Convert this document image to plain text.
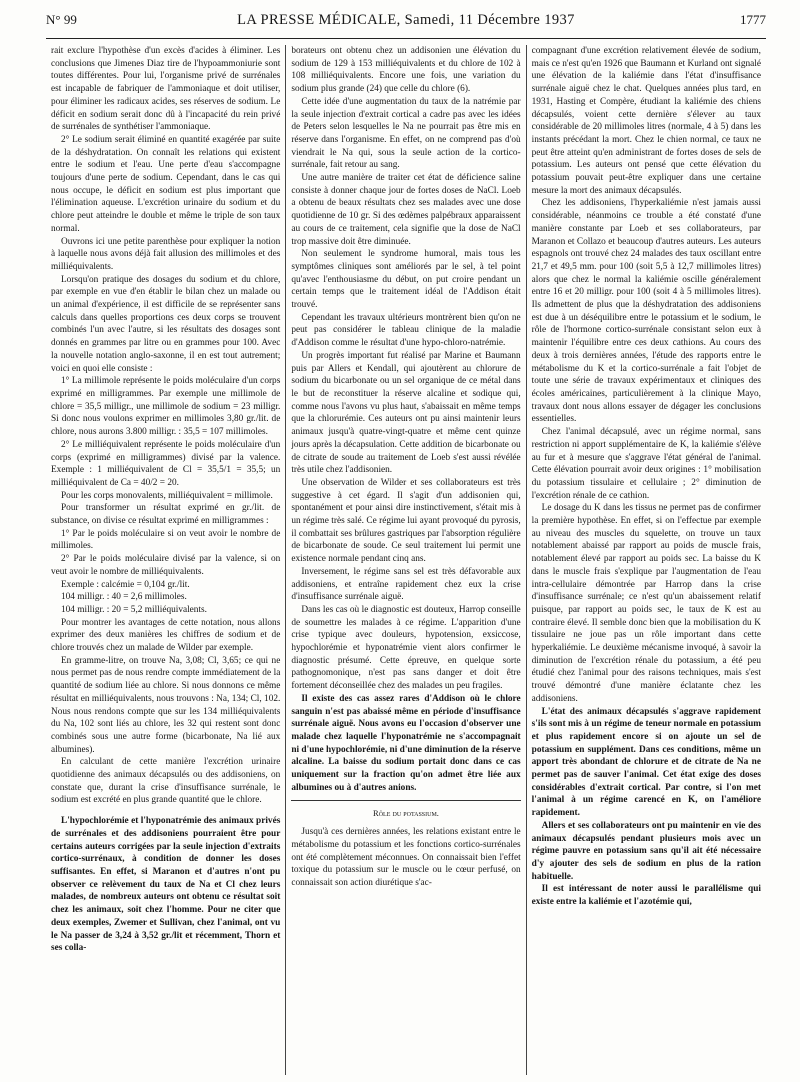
N° 99	LA PRESSE MÉDICALE, Samedi, 11 Décembre 1937	1777

rait exclure l'hypothèse d'un excès d'acides à éliminer. Les conclusions que Jimenes Diaz tire de l'hypoammoniurie sont toutes différentes. Pour lui, l'organisme privé de surrénales est incapable de fabriquer de l'ammoniaque et doit utiliser, pour éliminer les radicaux acides, ses réserves de sodium. Le déficit en sodium serait donc dû à l'incapacité du rein privé de surrénales de synthétiser l'ammoniaque.

2° Le sodium serait éliminé en quantité exagérée par suite de la déshydratation. On connaît les relations qui existent entre le sodium et l'eau. Une perte d'eau s'accompagne toujours d'une perte de sodium. Cependant, dans le cas qui nous occupe, le déficit en sodium est plus important que l'élimination aqueuse. L'excrétion urinaire du sodium et du chlore peut atteindre le double et même le triple de son taux normal.

Ouvrons ici une petite parenthèse pour expliquer la notion à laquelle nous avons déjà fait allusion des millimoles et des milliéquivalents.

Lorsqu'on pratique des dosages du sodium et du chlore, par exemple en vue d'en établir le bilan chez un malade ou un animal d'expérience, il est difficile de se représenter sans calculs dans quelles proportions ces deux corps se trouvent combinés l'un avec l'autre, si les résultats des dosages sont donnés en grammes par litre ou en grammes pour 100. Avec la nouvelle notation anglo-saxonne, il en est tout autrement; voici en quoi elle consiste :

1° La millimole représente le poids moléculaire d'un corps exprimé en milligrammes. Par exemple une millimole de chlore = 35,5 milligr., une millimole de sodium = 23 milligr. Si donc nous voulons exprimer en millimoles 3,80 gr./lit. de chlore, nous aurons 3.800 milligr. : 35,5 = 107 millimoles.

2° Le milliéquivalent représente le poids moléculaire d'un corps (exprimé en milligrammes) divisé par la valence. Exemple : 1 milliéquivalent de Cl = 35,5/1 = 35,5; un milliéquivalent de Ca = 40/2 = 20.

Pour les corps monovalents, milliéquivalent = millimole.

Pour transformer un résultat exprimé en gr./lit. de substance, on divise ce résultat exprimé en milligrammes :

1° Par le poids moléculaire si on veut avoir le nombre de millimoles.

2° Par le poids moléculaire divisé par la valence, si on veut avoir le nombre de milliéquivalents.

Exemple : calcémie = 0,104 gr./lit.

104 milligr. : 40 = 2,6 millimoles.

104 milligr. : 20 = 5,2 milliéquivalents.

Pour montrer les avantages de cette notation, nous allons exprimer des deux manières les chiffres de sodium et de chlore trouvés chez un malade de Wilder par exemple.

En gramme-litre, on trouve Na, 3,08; Cl, 3,65; ce qui ne nous permet pas de nous rendre compte immédiatement de la quantité de sodium liée au chlore. Si nous donnons ce même résultat en milliéquivalents, nous trouvons : Na, 134; Cl, 102. Nous nous rendons compte que sur les 134 milliéquivalents du Na, 102 sont liés au chlore, les 32 qui restent sont donc combinés sous une autre forme (bicarbonate, Na lié aux albumines).

En calculant de cette manière l'excrétion urinaire quotidienne des animaux décapsulés ou des addisoniens, on constate que, durant la crise d'insuffisance surrénale, le sodium est excrété en plus grande quantité que le chlore.

L'hypochlorémie et l'hyponatrémie des animaux privés de surrénales et des addisoniens pourraient être pour certains auteurs corrigées par la seule injection d'extraits cortico-surrénaux, à condition de donner les doses suffisantes. En effet, si Maranon et d'autres n'ont pu observer ce relèvement du taux de Na et Cl chez leurs malades, de nombreux auteurs ont obtenu ce résultat soit chez les animaux, soit chez l'homme. Pour ne citer que deux exemples, Zwemer et Sullivan, chez l'animal, ont vu le Na passer de 3,24 à 3,52 gr./lit et récemment, Thorn et ses colla-

borateurs ont obtenu chez un addisonien une élévation du sodium de 129 à 153 milliéquivalents et du chlore de 102 à 108 milliéquivalents. Encore une fois, une variation du sodium plus grande (24) que celle du chlore (6).

Cette idée d'une augmentation du taux de la natrémie par la seule injection d'extrait cortical a cadre pas avec les idées de Peters selon lesquelles le Na ne pourrait pas être mis en réserve dans l'organisme. En effet, on ne comprend pas d'où viendrait le Na qui, sous la seule action de la cortico-surrénale, fait retour au sang.

Une autre manière de traiter cet état de déficience saline consiste à donner chaque jour de fortes doses de NaCl. Loeb a obtenu de beaux résultats chez ses malades avec une dose quotidienne de 10 gr. Si des œdèmes palpébraux apparaissent au cours de ce traitement, cela signifie que la dose de NaCl trop massive doit être diminuée.

Non seulement le syndrome humoral, mais tous les symptômes cliniques sont améliorés par le sel, à tel point qu'avec l'enthousiasme du début, on put croire pendant un certain temps que le traitement idéal de l'Addison était trouvé.

Cependant les travaux ultérieurs montrèrent bien qu'on ne peut pas considérer le tableau clinique de la maladie d'Addison comme le résultat d'une hypo-chloro-natrémie.

Un progrès important fut réalisé par Marine et Baumann puis par Allers et Kendall, qui ajoutèrent au chlorure de sodium du bicarbonate ou un sel organique de ce métal dans le but de reconstituer la réserve alcaline et sodique qui, comme nous l'avons vu plus haut, s'abaissait en même temps que la chlorurémie. Ces auteurs ont pu ainsi maintenir leurs animaux jusqu'à quatre-vingt-quatre et même cent quinze jours après la décapsulation. Cette addition de bicarbonate ou de citrate de soude au traitement de Loeb s'est aussi révélée très utile chez l'addisonien.

Une observation de Wilder et ses collaborateurs est très suggestive à cet égard. Il s'agit d'un addisonien qui, spontanément et pour ainsi dire instinctivement, s'était mis à un régime très salé. Ce régime lui ayant provoqué du pyrosis, il combattait ses brûlures gastriques par l'absorption régulière de bicarbonate de soude. Ce seul traitement lui permit une existence normale pendant cinq ans.

Inversement, le régime sans sel est très défavorable aux addisoniens, et entraîne rapidement chez eux la crise d'insuffisance surrénale aiguë.

Dans les cas où le diagnostic est douteux, Harrop conseille de soumettre les malades à ce régime. L'apparition d'une crise typique avec douleurs, hypotension, exsiccose, hypochlorémie et hyponatrémie vient alors confirmer le diagnostic présumé. Cette épreuve, en quelque sorte pathognomonique, n'est pas sans danger et doit être fortement déconseillée chez des malades un peu fragiles.

Il existe des cas assez rares d'Addison où le chlore sanguin n'est pas abaissé même en période d'insuffisance surrénale aiguë. Nous avons eu l'occasion d'observer une malade chez laquelle l'hyponatrémie ne s'accompagnait ni d'une hypochlorémie, ni d'une diminution de la réserve alcaline. La baisse du sodium portait donc dans ce cas uniquement sur la fraction qu'on admet être liée aux albumines ou à d'autres anions.

Rôle du potassium.

Jusqu'à ces dernières années, les relations existant entre le métabolisme du potassium et les fonctions cortico-surrénales ont été complètement méconnues. On connaissait bien l'effet toxique du potassium sur le muscle ou le cœur perfusé, on connaissait son action diurétique s'ac-

compagnant d'une excrétion relativement élevée de sodium, mais ce n'est qu'en 1926 que Baumann et Kurland ont signalé une élévation de la kaliémie dans l'état d'insuffisance surrénale aiguë chez le chat. Quelques années plus tard, en 1931, Hasting et Compère, étudiant la kaliémie des chiens décapsulés, voient cette dernière s'élever au taux considérable de 20 millimoles litres (normale, 4 à 5) dans les instants précédant la mort. Chez le chien normal, ce taux ne peut être atteint qu'en administrant de fortes doses de sels de potassium. Les auteurs ont pensé que cette élévation du potassium pouvait peut-être expliquer dans une certaine mesure la mort des animaux décapsulés.

Chez les addisoniens, l'hyperkaliémie n'est jamais aussi considérable, néanmoins ce trouble a été constaté d'une manière constante par Loeb et ses collaborateurs, par Maranon et Collazo et beaucoup d'autres auteurs. Les auteurs espagnols ont trouvé chez 24 malades des taux oscillant entre 21,7 et 49,5 mm. pour 100 (soit 5,5 à 12,7 millimoles litres) alors que chez le normal la kaliémie oscille généralement entre 16 et 20 milligr. pour 100 (soit 4 à 5 millimoles litres). Ils admettent de plus que la déshydratation des addisoniens est due à un déséquilibre entre le potassium et le sodium, le rôle de l'hormone cortico-surrénale consistant selon eux à maintenir l'équilibre entre ces deux cathions. Au cours des deux à trois dernières années, l'étude des rapports entre le métabolisme du K et la cortico-surrénale a fait l'objet de toute une série de travaux expérimentaux et cliniques des écoles américaines, particulièrement à la clinique Mayo, travaux dont nous allons essayer de dégager les conclusions essentielles.

Chez l'animal décapsulé, avec un régime normal, sans restriction ni apport supplémentaire de K, la kaliémie s'élève au fur et à mesure que s'aggrave l'état général de l'animal. Cette élévation pourrait avoir deux origines : 1° mobilisation du potassium tissulaire et cellulaire ; 2° diminution de l'excrétion rénale de ce cathion.

Le dosage du K dans les tissus ne permet pas de confirmer la première hypothèse. En effet, si on l'effectue par exemple au niveau des muscles du squelette, on trouve un taux notablement abaissé par rapport au poids de muscle frais, notablement élevé par rapport au poids sec. La baisse du K dans le muscle frais s'explique par l'augmentation de l'eau intra-cellulaire démontrée par Harrop dans la crise d'insuffisance surrénale; ce n'est qu'un abaissement relatif puisque, par rapport au poids sec, le taux de K est au contraire élevé. Il semble donc bien que la mobilisation du K tissulaire ne joue pas un rôle important dans cette hyperkaliémie. Le deuxième mécanisme invoqué, à savoir la diminution de l'excrétion rénale du potassium, a été peu étudié chez l'animal pour des raisons techniques, mais s'est trouvé démontré d'une manière éclatante chez les addisoniens.

L'état des animaux décapsulés s'aggrave rapidement s'ils sont mis à un régime de teneur normale en potassium et plus rapidement encore si on ajoute un sel de potassium en supplément. Dans ces conditions, même un apport très abondant de chlorure et de citrate de Na ne permet pas de sauver l'animal. Cet état exige des doses considérables d'extrait cortical. Par contre, si l'on met l'animal à un régime carencé en K, on l'améliore rapidement.

Allers et ses collaborateurs ont pu maintenir en vie des animaux décapsulés pendant plusieurs mois avec un régime pauvre en potassium sans qu'il ait été nécessaire d'y ajouter des sels de sodium en plus de la ration habituelle.

Il est intéressant de noter aussi le parallélisme qui existe entre la kaliémie et l'azotémie qui,
